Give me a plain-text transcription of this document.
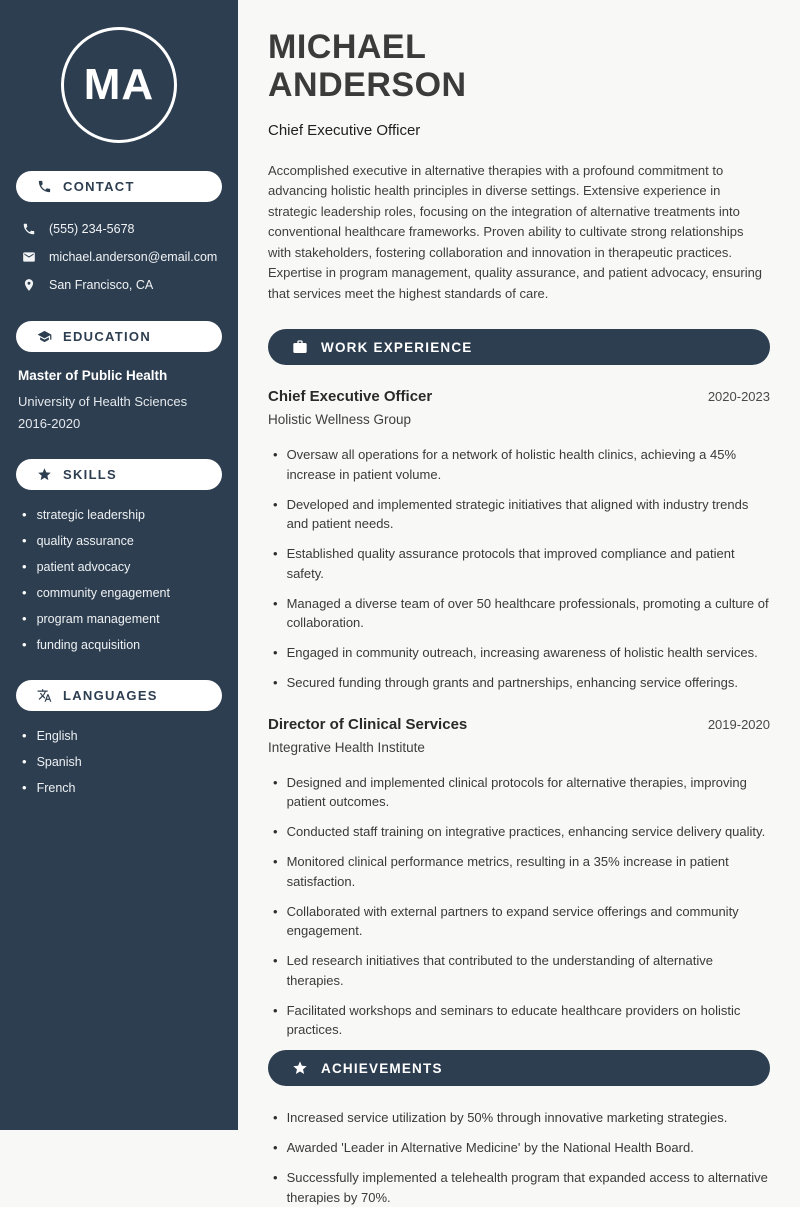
MA
CONTACT
(555) 234-5678
michael.anderson@email.com
San Francisco, CA
EDUCATION
Master of Public Health
University of Health Sciences
2016-2020
SKILLS
• strategic leadership
• quality assurance
• patient advocacy
• community engagement
• program management
• funding acquisition
LANGUAGES
• English
• Spanish
• French
MICHAEL
ANDERSON
Chief Executive Officer

Accomplished executive in alternative therapies with a profound commitment to advancing holistic health principles in diverse settings. Extensive experience in strategic leadership roles, focusing on the integration of alternative treatments into conventional healthcare frameworks. Proven ability to cultivate strong relationships with stakeholders, fostering collaboration and innovation in therapeutic practices. Expertise in program management, quality assurance, and patient advocacy, ensuring that services meet the highest standards of care.

WORK EXPERIENCE
Chief Executive Officer	2020-2023
Holistic Wellness Group
• Oversaw all operations for a network of holistic health clinics, achieving a 45% increase in patient volume.
• Developed and implemented strategic initiatives that aligned with industry trends and patient needs.
• Established quality assurance protocols that improved compliance and patient safety.
• Managed a diverse team of over 50 healthcare professionals, promoting a culture of collaboration.
• Engaged in community outreach, increasing awareness of holistic health services.
• Secured funding through grants and partnerships, enhancing service offerings.
Director of Clinical Services	2019-2020
Integrative Health Institute
• Designed and implemented clinical protocols for alternative therapies, improving patient outcomes.
• Conducted staff training on integrative practices, enhancing service delivery quality.
• Monitored clinical performance metrics, resulting in a 35% increase in patient satisfaction.
• Collaborated with external partners to expand service offerings and community engagement.
• Led research initiatives that contributed to the understanding of alternative therapies.
• Facilitated workshops and seminars to educate healthcare providers on holistic practices.
ACHIEVEMENTS
• Increased service utilization by 50% through innovative marketing strategies.
• Awarded 'Leader in Alternative Medicine' by the National Health Board.
• Successfully implemented a telehealth program that expanded access to alternative therapies by 70%.
